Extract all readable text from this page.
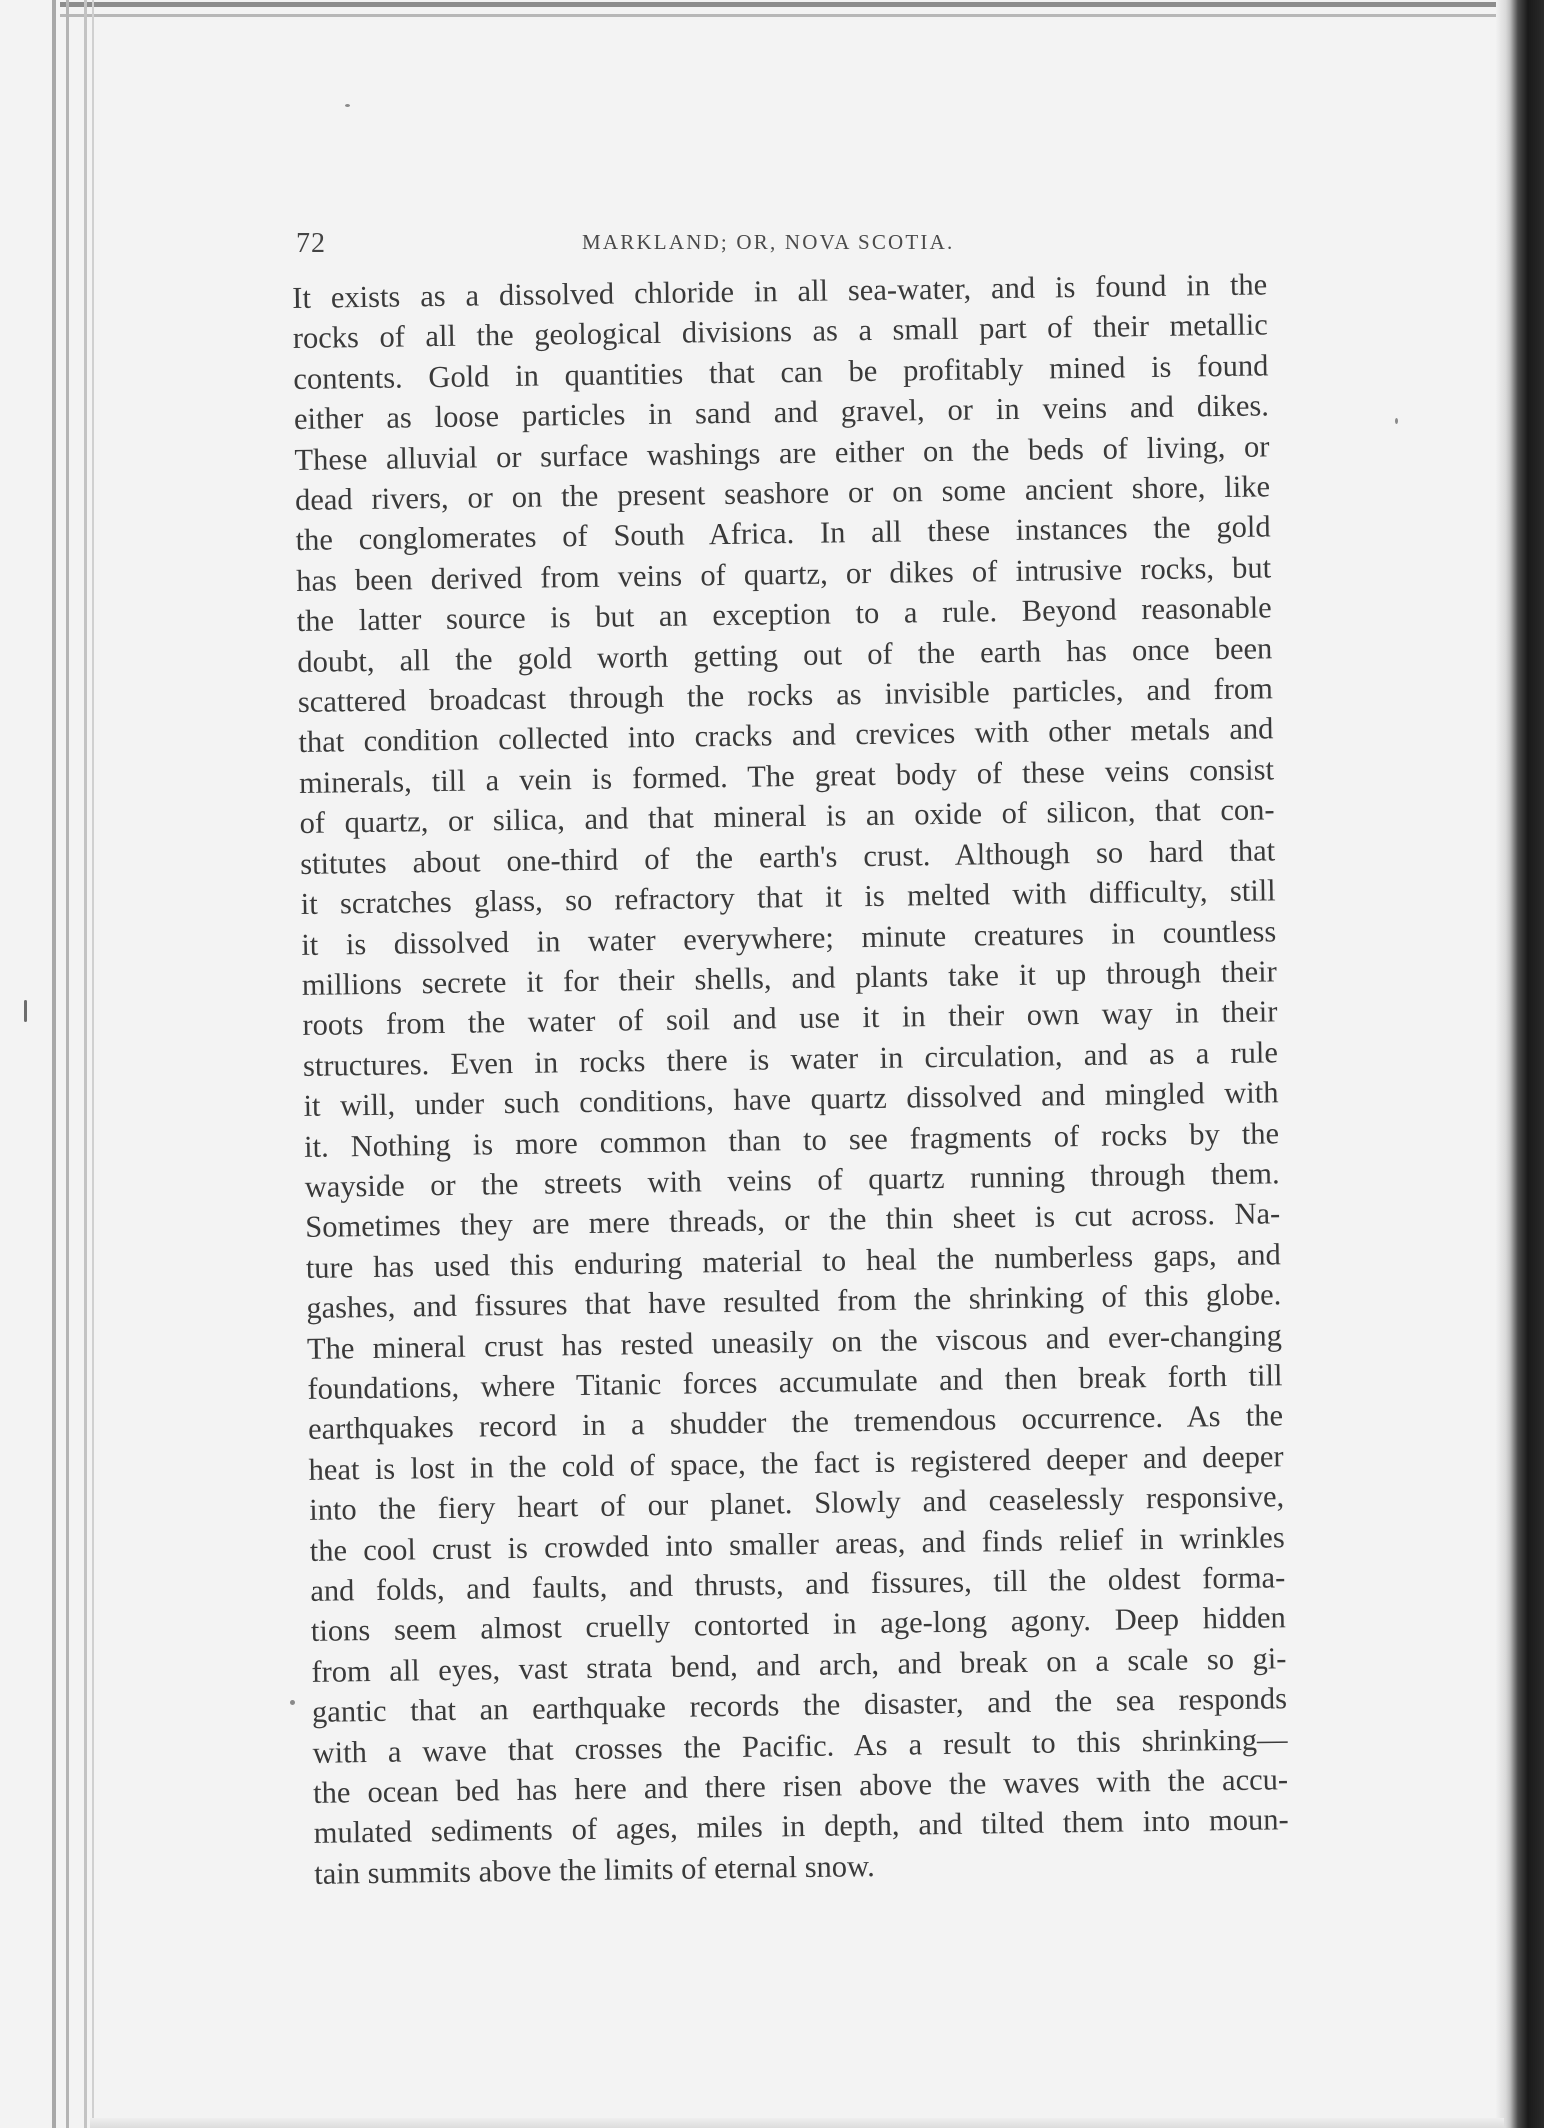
72	MARKLAND; OR, NOVA SCOTIA.
It exists as a dissolved chloride in all sea-water, and is found in the
rocks of all the geological divisions as a small part of their metallic
contents. Gold in quantities that can be profitably mined is found
either as loose particles in sand and gravel, or in veins and dikes.
These alluvial or surface washings are either on the beds of living, or
dead rivers, or on the present seashore or on some ancient shore, like
the conglomerates of South Africa. In all these instances the gold
has been derived from veins of quartz, or dikes of intrusive rocks, but
the latter source is but an exception to a rule. Beyond reasonable
doubt, all the gold worth getting out of the earth has once been
scattered broadcast through the rocks as invisible particles, and from
that condition collected into cracks and crevices with other metals and
minerals, till a vein is formed. The great body of these veins consist
of quartz, or silica, and that mineral is an oxide of silicon, that con-
stitutes about one-third of the earth's crust. Although so hard that
it scratches glass, so refractory that it is melted with difficulty, still
it is dissolved in water everywhere; minute creatures in countless
millions secrete it for their shells, and plants take it up through their
roots from the water of soil and use it in their own way in their
structures. Even in rocks there is water in circulation, and as a rule
it will, under such conditions, have quartz dissolved and mingled with
it. Nothing is more common than to see fragments of rocks by the
wayside or the streets with veins of quartz running through them.
Sometimes they are mere threads, or the thin sheet is cut across. Na-
ture has used this enduring material to heal the numberless gaps, and
gashes, and fissures that have resulted from the shrinking of this globe.
The mineral crust has rested uneasily on the viscous and ever-changing
foundations, where Titanic forces accumulate and then break forth till
earthquakes record in a shudder the tremendous occurrence. As the
heat is lost in the cold of space, the fact is registered deeper and deeper
into the fiery heart of our planet. Slowly and ceaselessly responsive,
the cool crust is crowded into smaller areas, and finds relief in wrinkles
and folds, and faults, and thrusts, and fissures, till the oldest forma-
tions seem almost cruelly contorted in age-long agony. Deep hidden
from all eyes, vast strata bend, and arch, and break on a scale so gi-
gantic that an earthquake records the disaster, and the sea responds
with a wave that crosses the Pacific. As a result to this shrinking—
the ocean bed has here and there risen above the waves with the accu-
mulated sediments of ages, miles in depth, and tilted them into moun-
tain summits above the limits of eternal snow.
